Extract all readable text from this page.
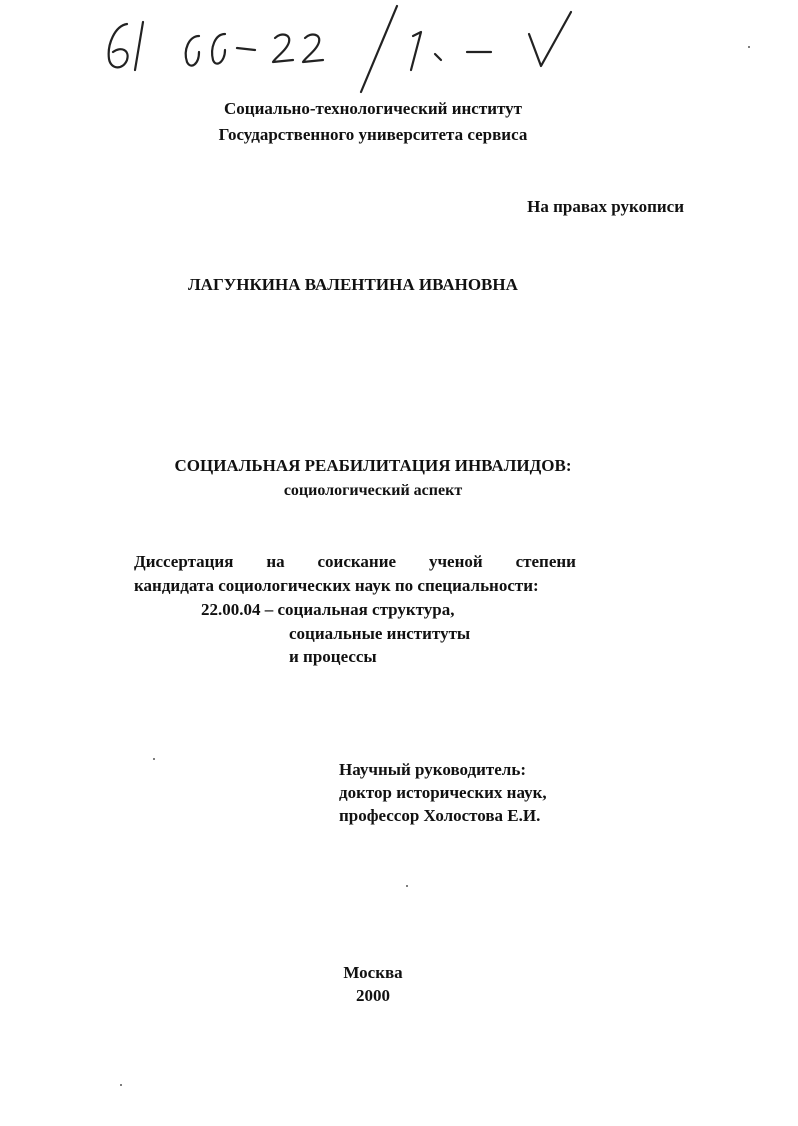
Социально-технологический институт
Государственного университета сервиса
На правах рукописи
ЛАГУНКИНА ВАЛЕНТИНА ИВАНОВНА
СОЦИАЛЬНАЯ РЕАБИЛИТАЦИЯ ИНВАЛИДОВ:
социологический аспект
Диссертация на соискание ученой степени
кандидата социологических наук по специальности:
22.00.04 – социальная структура,
социальные институты
и процессы
Научный руководитель:
доктор исторических наук,
профессор Холостова Е.И.
Москва
2000
